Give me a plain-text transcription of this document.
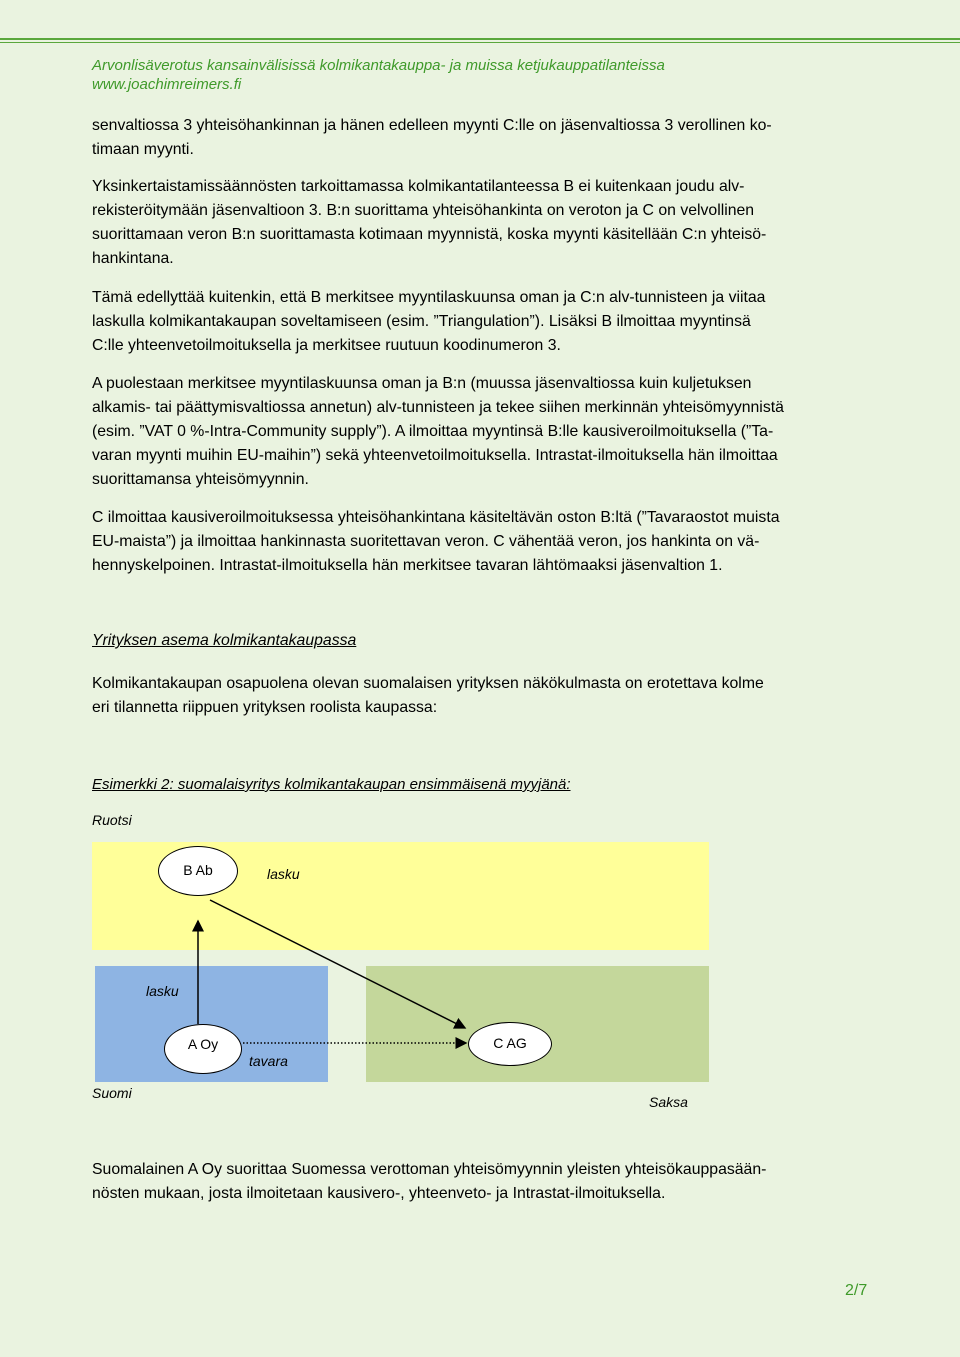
Arvonlisäverotus kansainvälisissä kolmikantakauppa- ja muissa ketjukauppatilanteissa
www.joachimreimers.fi
senvaltiossa 3 yhteisöhankinnan ja hänen edelleen myynti C:lle on jäsenvaltiossa 3 verollinen ko-
timaan myynti.
Yksinkertaistamissäännösten tarkoittamassa kolmikantatilanteessa B ei kuitenkaan joudu alv-
rekisteröitymään jäsenvaltioon 3. B:n suorittama yhteisöhankinta on veroton ja C on velvollinen
suorittamaan veron B:n suorittamasta kotimaan myynnistä, koska myynti käsitellään C:n yhteisö-
hankintana.
Tämä edellyttää kuitenkin, että B merkitsee myyntilaskuunsa oman ja C:n alv-tunnisteen ja viitaa
laskulla kolmikantakaupan soveltamiseen (esim. ”Triangulation”). Lisäksi B ilmoittaa myyntinsä
C:lle yhteenvetoilmoituksella ja merkitsee ruutuun koodinumeron 3.
A puolestaan merkitsee myyntilaskuunsa oman ja B:n (muussa jäsenvaltiossa kuin kuljetuksen
alkamis- tai päättymisvaltiossa annetun) alv-tunnisteen ja tekee siihen merkinnän yhteisömyynnistä
(esim. ”VAT 0 %-Intra-Community supply”). A ilmoittaa myyntinsä B:lle kausiveroilmoituksella (”Ta-
varan myynti muihin EU-maihin”) sekä yhteenvetoilmoituksella. Intrastat-ilmoituksella hän ilmoittaa
suorittamansa yhteisömyynnin.
C ilmoittaa kausiveroilmoituksessa yhteisöhankintana käsiteltävän oston B:ltä (”Tavaraostot muista
EU-maista”) ja ilmoittaa hankinnasta suoritettavan veron. C vähentää veron, jos hankinta on vä-
hennyskelpoinen. Intrastat-ilmoituksella hän merkitsee tavaran lähtömaaksi jäsenvaltion 1.
Yrityksen asema kolmikantakaupassa
Kolmikantakaupan osapuolena olevan suomalaisen yrityksen näkökulmasta on erotettava kolme
eri tilannetta riippuen yrityksen roolista kaupassa:
Esimerkki 2: suomalaisyritys kolmikantakaupan ensimmäisenä myyjänä:
Ruotsi
B Ab
A Oy	C AG
lasku
lasku
tavara
Suomi
Saksa
Suomalainen A Oy suorittaa Suomessa verottoman yhteisömyynnin yleisten yhteisökauppasään-
nösten mukaan, josta ilmoitetaan kausivero-, yhteenveto- ja Intrastat-ilmoituksella.
2/7
